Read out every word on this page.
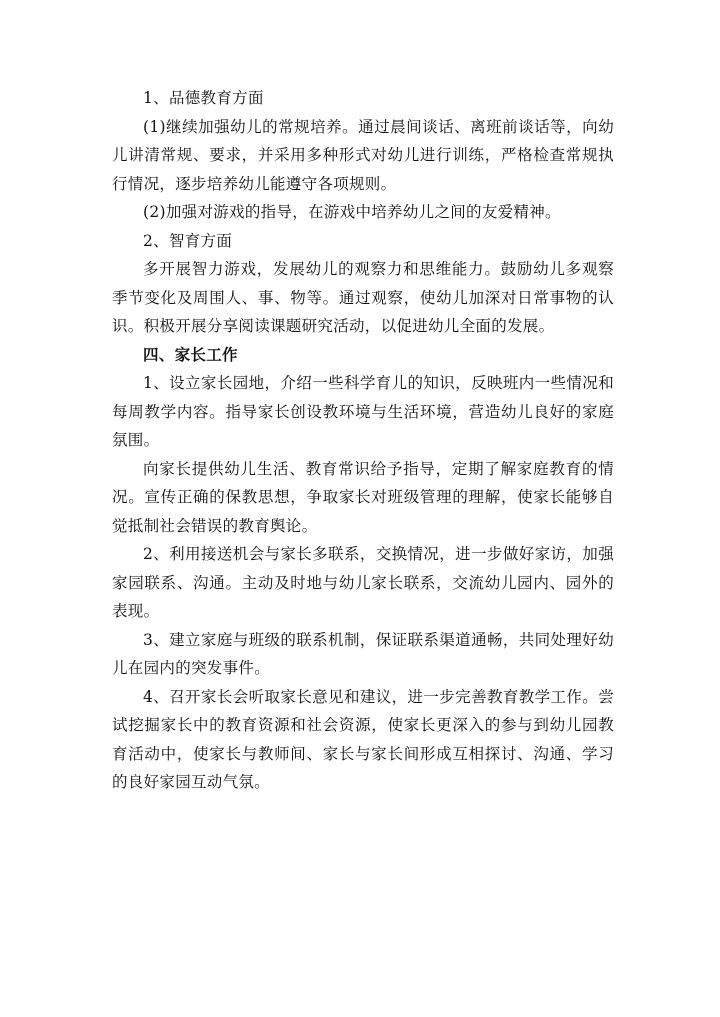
1、品德教育方面

(1)继续加强幼儿的常规培养。通过晨间谈话、离班前谈话等，向幼儿讲清常规、要求，并采用多种形式对幼儿进行训练，严格检查常规执行情况，逐步培养幼儿能遵守各项规则。

(2)加强对游戏的指导，在游戏中培养幼儿之间的友爱精神。

2、智育方面

多开展智力游戏，发展幼儿的观察力和思维能力。鼓励幼儿多观察季节变化及周围人、事、物等。通过观察，使幼儿加深对日常事物的认识。积极开展分享阅读课题研究活动，以促进幼儿全面的发展。

四、家长工作

1、设立家长园地，介绍一些科学育儿的知识，反映班内一些情况和每周教学内容。指导家长创设教环境与生活环境，营造幼儿良好的家庭氛围。

向家长提供幼儿生活、教育常识给予指导，定期了解家庭教育的情况。宣传正确的保教思想，争取家长对班级管理的理解，使家长能够自觉抵制社会错误的教育舆论。

2、利用接送机会与家长多联系，交换情况，进一步做好家访，加强家园联系、沟通。主动及时地与幼儿家长联系，交流幼儿园内、园外的表现。

3、建立家庭与班级的联系机制，保证联系渠道通畅，共同处理好幼儿在园内的突发事件。

4、召开家长会听取家长意见和建议，进一步完善教育教学工作。尝试挖掘家长中的教育资源和社会资源，使家长更深入的参与到幼儿园教育活动中，使家长与教师间、家长与家长间形成互相探讨、沟通、学习的良好家园互动气氛。
